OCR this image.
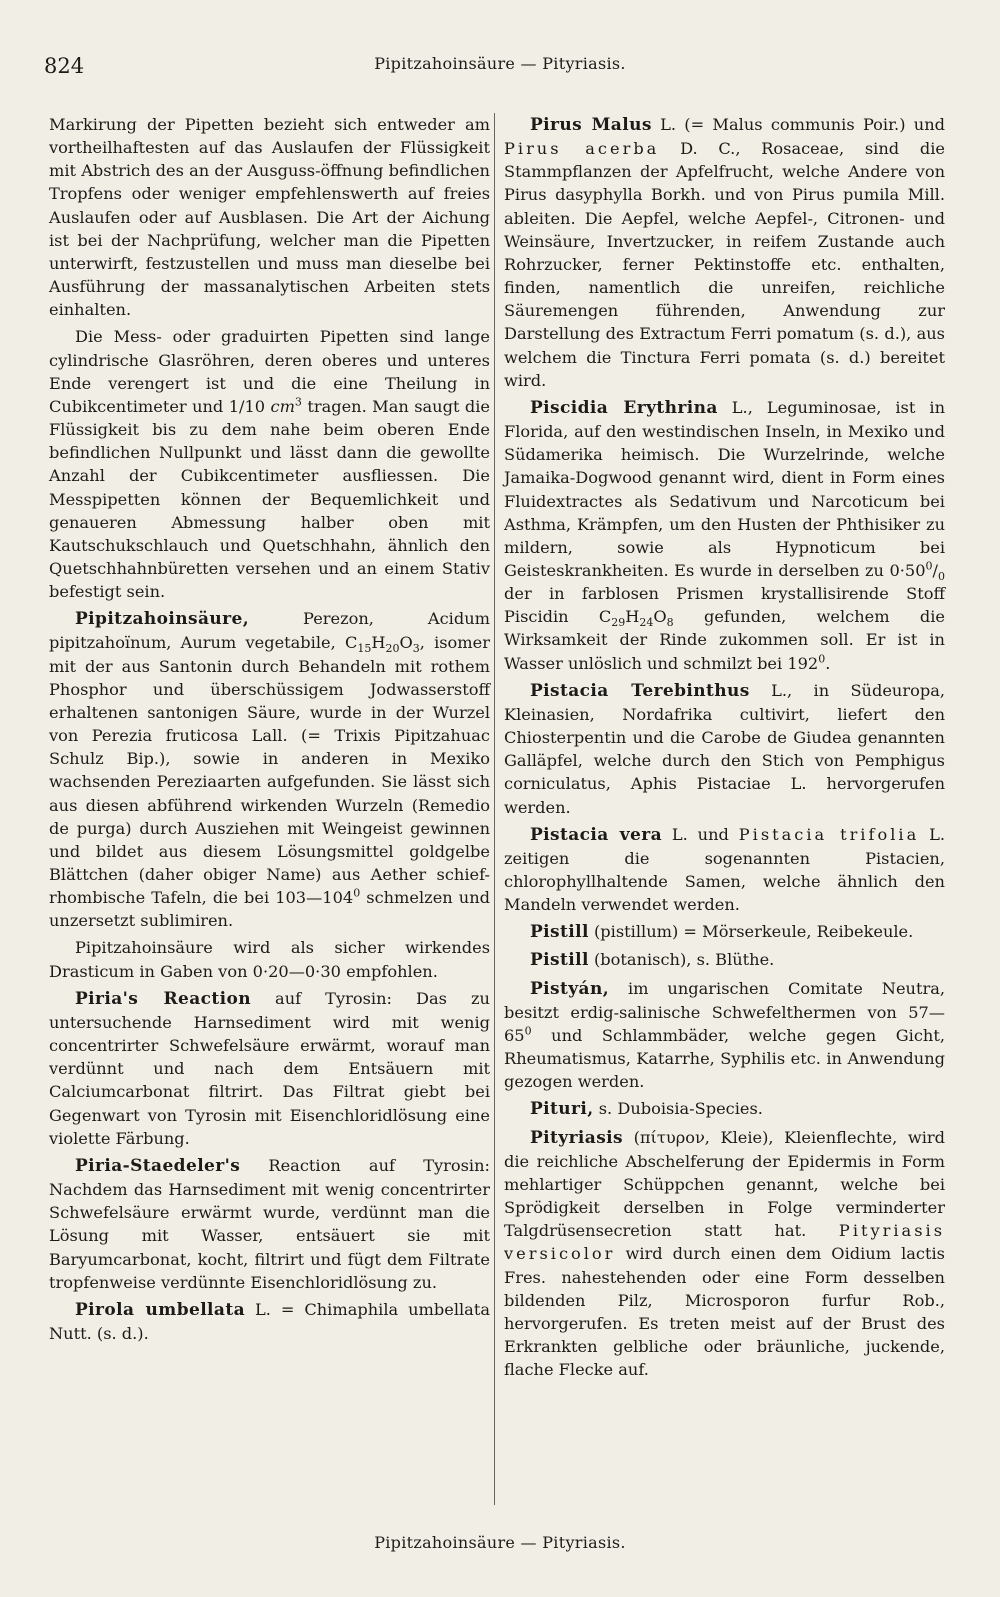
824	Pipitzahoinsäure — Pityriasis.

Markirung der Pipetten bezieht sich entweder am vortheilhaftesten auf das Auslaufen der Flüssigkeit mit Abstrich des an der Ausguss-öffnung befindlichen Tropfens oder weniger empfehlenswerth auf freies Auslaufen oder auf Ausblasen. Die Art der Aichung ist bei der Nachprüfung, welcher man die Pipetten unterwirft, festzustellen und muss man dieselbe bei Ausführung der massanalytischen Arbeiten stets einhalten.

Die Mess- oder graduirten Pipetten sind lange cylindrische Glasröhren, deren oberes und unteres Ende verengert ist und die eine Theilung in Cubikcentimeter und 1/10 $cm^3$ tragen. Man saugt die Flüssigkeit bis zu dem nahe beim oberen Ende befindlichen Nullpunkt und lässt dann die gewollte Anzahl der Cubikcentimeter ausfliessen. Die Messpipetten können der Bequemlichkeit und genaueren Abmessung halber oben mit Kautschukschlauch und Quetschhahn, ähnlich den Quetschhahnbüretten versehen und an einem Stativ befestigt sein.

Pipitzahoinsäure, Perezon, Acidum pipitzahoïnum, Aurum vegetabile, $C_{15}H_{20}O_3$, isomer mit der aus Santonin durch Behandeln mit rothem Phosphor und überschüssigem Jodwasserstoff erhaltenen santonigen Säure, wurde in der Wurzel von Perezia fruticosa Lall. (= Trixis Pipitzahuac Schulz Bip.), sowie in anderen in Mexiko wachsenden Pereziaarten aufgefunden. Sie lässt sich aus diesen abführend wirkenden Wurzeln (Remedio de purga) durch Ausziehen mit Weingeist gewinnen und bildet aus diesem Lösungsmittel goldgelbe Blättchen (daher obiger Name) aus Aether schief-rhombische Tafeln, die bei $103—104^0$ schmelzen und unzersetzt sublimiren.

Pipitzahoinsäure wird als sicher wirkendes Drasticum in Gaben von 0·20—0·30 empfohlen.

Piria's Reaction auf Tyrosin: Das zu untersuchende Harnsediment wird mit wenig concentrirter Schwefelsäure erwärmt, worauf man verdünnt und nach dem Entsäuern mit Calciumcarbonat filtrirt. Das Filtrat giebt bei Gegenwart von Tyrosin mit Eisenchloridlösung eine violette Färbung.

Piria-Staedeler's Reaction auf Tyrosin: Nachdem das Harnsediment mit wenig concentrirter Schwefelsäure erwärmt wurde, verdünnt man die Lösung mit Wasser, entsäuert sie mit Baryumcarbonat, kocht, filtrirt und fügt dem Filtrate tropfenweise verdünnte Eisenchloridlösung zu.

Pirola umbellata L. = Chimaphila umbellata Nutt. (s. d.).

Pirus Malus L. (= Malus communis Poir.) und Pirus acerba D. C., Rosaceae, sind die Stammpflanzen der Apfelfrucht, welche Andere von Pirus dasyphylla Borkh. und von Pirus pumila Mill. ableiten. Die Aepfel, welche Aepfel-, Citronen- und Weinsäure, Invertzucker, in reifem Zustande auch Rohrzucker, ferner Pektinstoffe etc. enthalten, finden, namentlich die unreifen, reichliche Säuremengen führenden, Anwendung zur Darstellung des Extractum Ferri pomatum (s. d.), aus welchem die Tinctura Ferri pomata (s. d.) bereitet wird.

Piscidia Erythrina L., Leguminosae, ist in Florida, auf den westindischen Inseln, in Mexiko und Südamerika heimisch. Die Wurzelrinde, welche Jamaika-Dogwood genannt wird, dient in Form eines Fluidextractes als Sedativum und Narcoticum bei Asthma, Krämpfen, um den Husten der Phthisiker zu mildern, sowie als Hypnoticum bei Geisteskrankheiten. Es wurde in derselben zu $0\cdot 50^0/_0$ der in farblosen Prismen krystallisirende Stoff Piscidin $C_{29}H_{24}O_8$ gefunden, welchem die Wirksamkeit der Rinde zukommen soll. Er ist in Wasser unlöslich und schmilzt bei $192^0$.

Pistacia Terebinthus L., in Südeuropa, Kleinasien, Nordafrika cultivirt, liefert den Chiosterpentin und die Carobe de Giudea genannten Galläpfel, welche durch den Stich von Pemphigus corniculatus, Aphis Pistaciae L. hervorgerufen werden.

Pistacia vera L. und Pistacia trifolia L. zeitigen die sogenannten Pistacien, chlorophyllhaltende Samen, welche ähnlich den Mandeln verwendet werden.

Pistill (pistillum) = Mörserkeule, Reibekeule.

Pistill (botanisch), s. Blüthe.

Pistyán, im ungarischen Comitate Neutra, besitzt erdig-salinische Schwefelthermen von $57—65^0$ und Schlammbäder, welche gegen Gicht, Rheumatismus, Katarrhe, Syphilis etc. in Anwendung gezogen werden.

Pituri, s. Duboisia-Species.

Pityriasis (πίτυρον, Kleie), Kleienflechte, wird die reichliche Abschelferung der Epidermis in Form mehlartiger Schüppchen genannt, welche bei Sprödigkeit derselben in Folge verminderter Talgdrüsensecretion statt hat. Pityriasis versicolor wird durch einen dem Oidium lactis Fres. nahestehenden oder eine Form desselben bildenden Pilz, Microsporon furfur Rob., hervorgerufen. Es treten meist auf der Brust des Erkrankten gelbliche oder bräunliche, juckende, flache Flecke auf.

Pipitzahoinsäure — Pityriasis.
